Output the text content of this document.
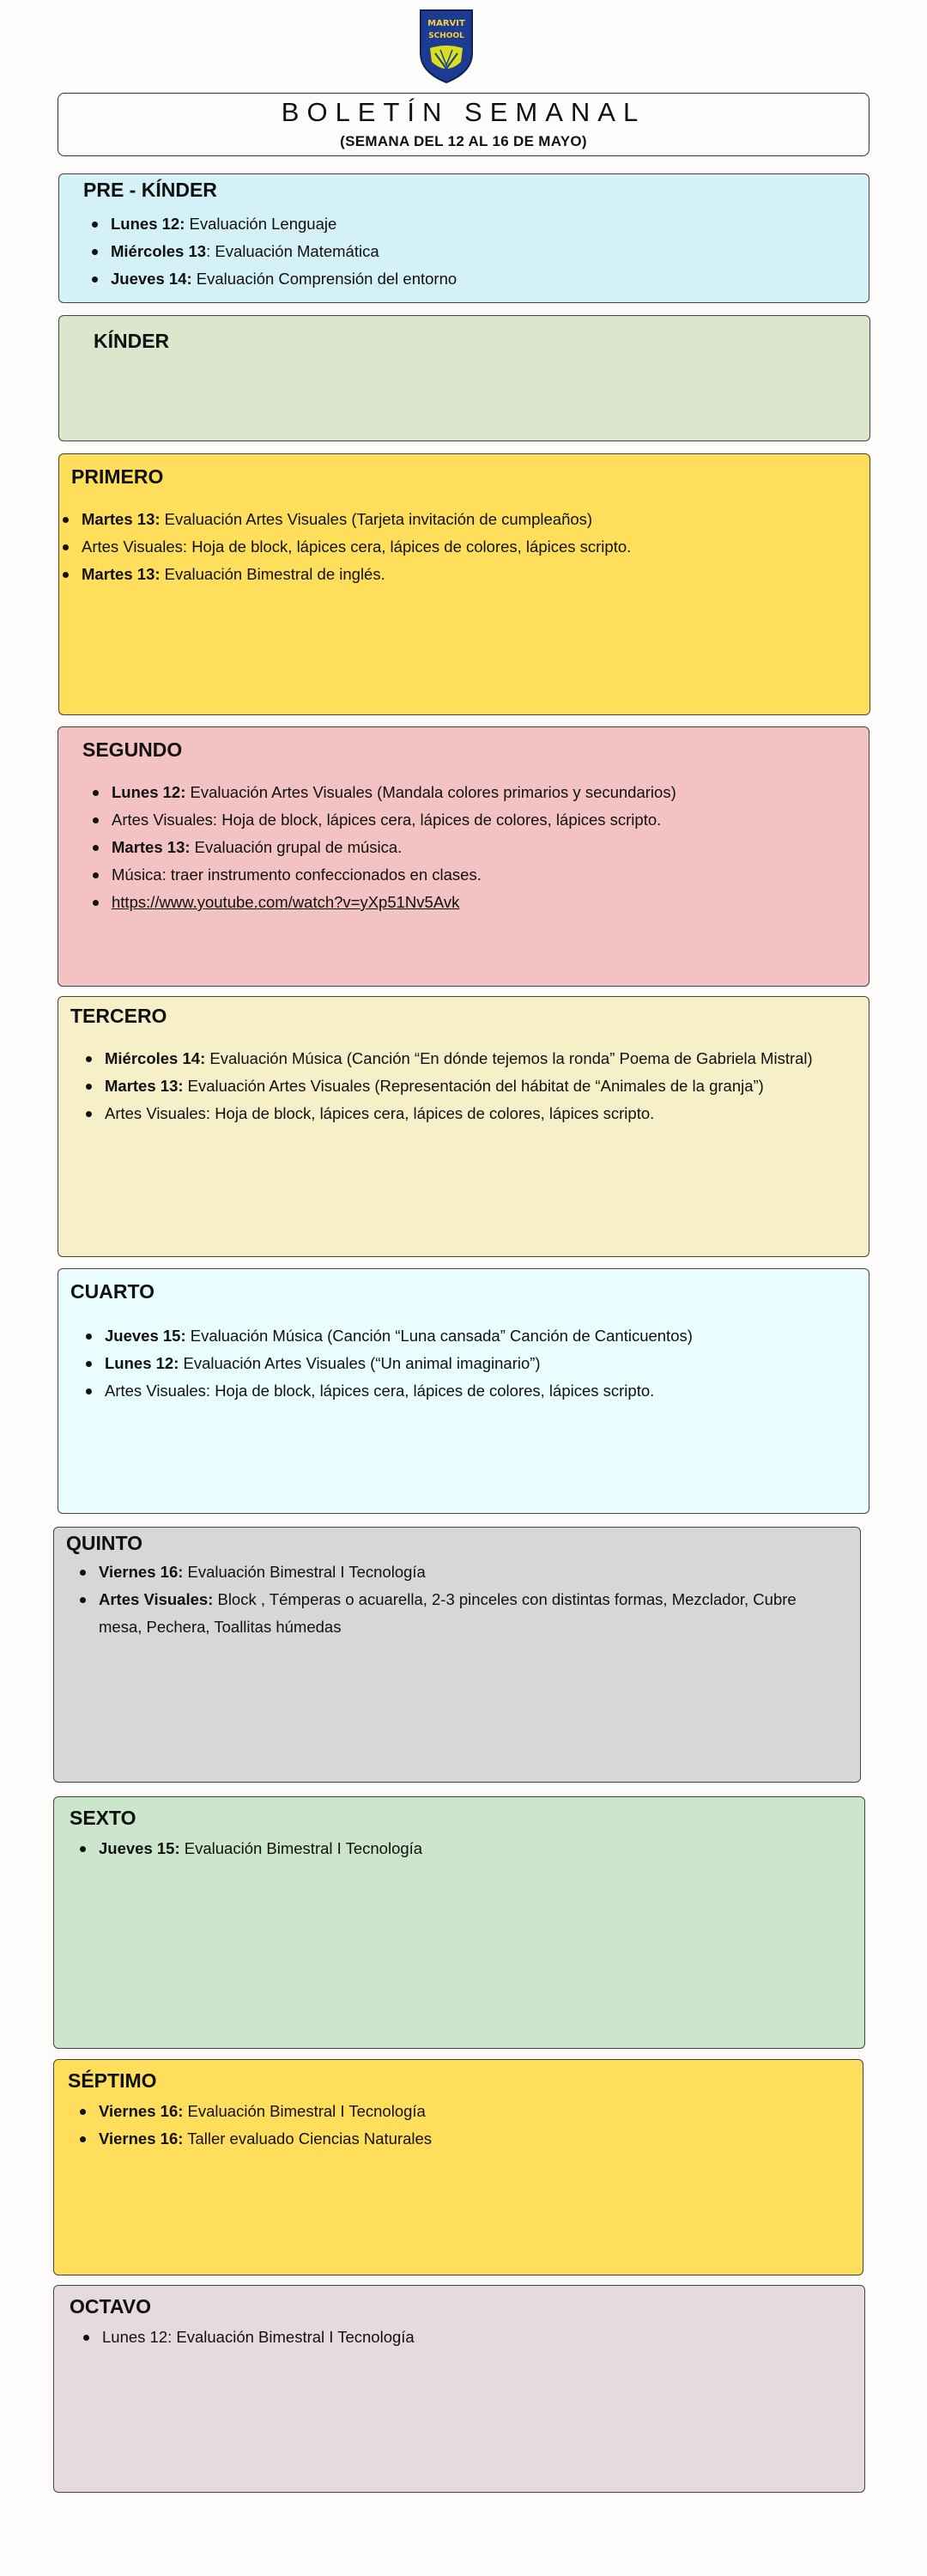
MARVIT
SCHOOL
BOLETÍN SEMANAL
(SEMANA DEL 12 AL 16 DE MAYO)
PRE - KÍNDER
Lunes 12: Evaluación Lenguaje
Miércoles 13: Evaluación Matemática
Jueves 14: Evaluación Comprensión del entorno
KÍNDER
PRIMERO
Martes 13: Evaluación Artes Visuales (Tarjeta invitación de cumpleaños)
Artes Visuales: Hoja de block, lápices cera, lápices de colores, lápices scripto.
Martes 13: Evaluación Bimestral de inglés.
SEGUNDO
Lunes 12: Evaluación Artes Visuales (Mandala colores primarios y secundarios)
Artes Visuales: Hoja de block, lápices cera, lápices de colores, lápices scripto.
Martes 13: Evaluación grupal de música.
Música: traer instrumento confeccionados en clases.
https://www.youtube.com/watch?v=yXp51Nv5Avk
TERCERO
Miércoles 14: Evaluación Música (Canción “En dónde tejemos la ronda” Poema de Gabriela Mistral)
Martes 13: Evaluación Artes Visuales (Representación del hábitat de “Animales de la granja”)
Artes Visuales: Hoja de block, lápices cera, lápices de colores, lápices scripto.
CUARTO
Jueves 15: Evaluación Música (Canción “Luna cansada” Canción de Canticuentos)
Lunes 12: Evaluación Artes Visuales (“Un animal imaginario”)
Artes Visuales: Hoja de block, lápices cera, lápices de colores, lápices scripto.
QUINTO
Viernes 16: Evaluación Bimestral I Tecnología
Artes Visuales: Block , Témperas o acuarella, 2-3 pinceles con distintas formas, Mezclador, Cubre mesa, Pechera, Toallitas húmedas
SEXTO
Jueves 15: Evaluación Bimestral I Tecnología
SÉPTIMO
Viernes 16: Evaluación Bimestral I Tecnología
Viernes 16: Taller evaluado Ciencias Naturales
OCTAVO
Lunes 12: Evaluación Bimestral I Tecnología
